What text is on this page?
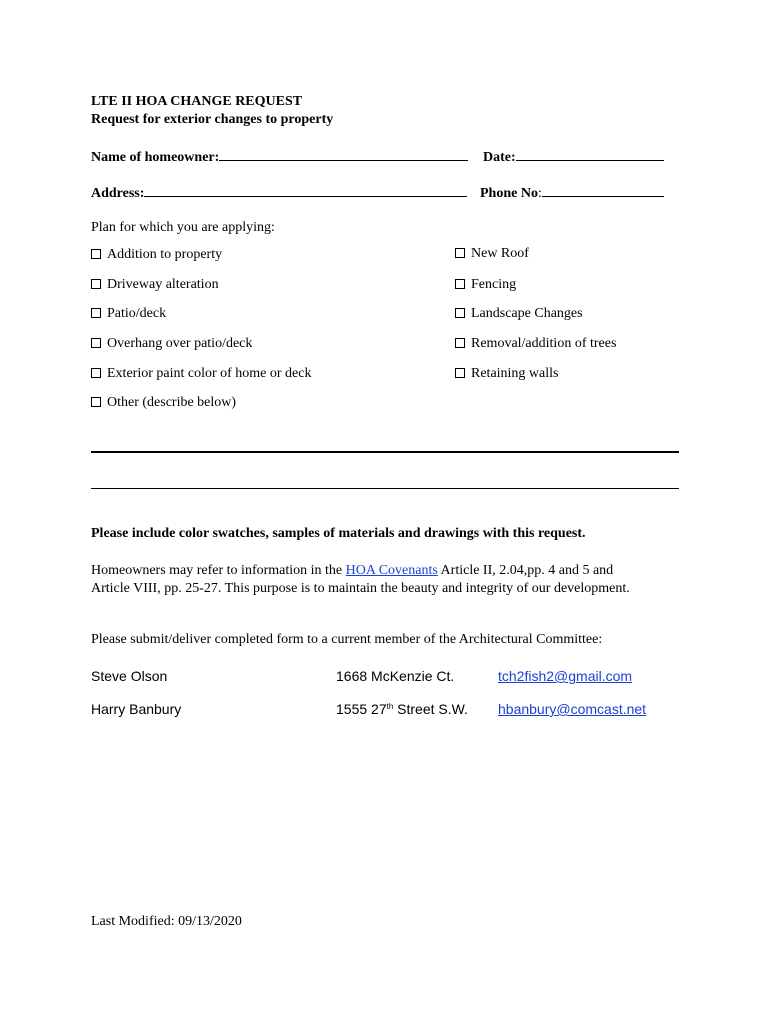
LTE II HOA CHANGE REQUEST
Request for exterior changes to property
Name of homeowner:	Date:
Address:	Phone No:
Plan for which you are applying:
Addition to property
Driveway alteration
Patio/deck
Overhang over patio/deck
Exterior paint color of home or deck
Other (describe below)
New Roof
Fencing
Landscape Changes
Removal/addition of trees
Retaining walls
Please include color swatches, samples of materials and drawings with this request.
Homeowners may refer to information in the HOA Covenants Article II, 2.04,pp. 4 and 5 and Article VIII, pp. 25-27. This purpose is to maintain the beauty and integrity of our development.
Please submit/deliver completed form to a current member of the Architectural Committee:
Steve Olson	1668 McKenzie Ct.	tch2fish2@gmail.com
Harry Banbury	1555 27th Street S.W. hbanbury@comcast.net
Last Modified: 09/13/2020
